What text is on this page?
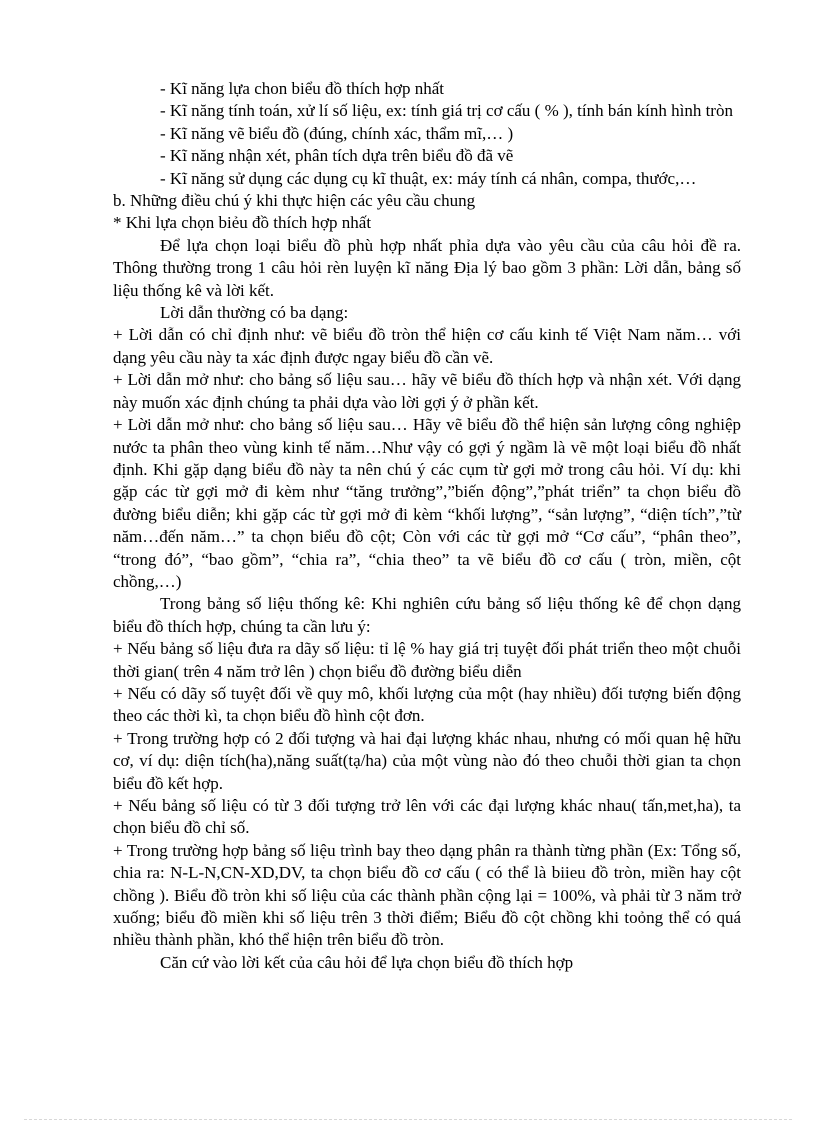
- Kĩ năng lựa chon biểu đồ thích hợp nhất

- Kĩ năng tính toán, xử lí số liệu, ex: tính giá trị cơ cấu ( % ), tính bán kính hình tròn

- Kĩ năng vẽ biểu đồ (đúng, chính xác, thẩm mĩ,… )

- Kĩ năng nhận xét, phân tích dựa trên biểu đồ đã vẽ

- Kĩ năng sử dụng các dụng cụ kĩ thuật, ex: máy tính cá nhân, compa, thước,…

b. Những điều chú ý khi thực hiện các yêu cầu chung

* Khi lựa chọn biẻu đồ thích hợp nhất

Để lựa chọn loại biểu đồ phù hợp nhất phỉa dựa vào yêu cầu của câu hỏi đề ra. Thông thường trong 1 câu hỏi rèn luyện kĩ năng Địa lý bao gồm 3 phần: Lời dẫn, bảng số liệu thống kê và lời kết.

Lời dẫn thường có ba dạng:

+ Lời dẫn có chỉ định như: vẽ biểu đồ tròn thể hiện cơ cấu kinh tế Việt Nam năm… với dạng yêu cầu này ta xác định được ngay biểu đồ cần vẽ.

+ Lời dẫn mở như: cho bảng số liệu sau… hãy vẽ biểu đồ thích hợp và nhận xét. Với dạng này muốn xác định chúng ta phải dựa vào lời gợi ý ở phần kết.

+ Lời dẫn mở như: cho bảng số liệu sau… Hãy vẽ biểu đồ thể hiện sản lượng công nghiệp nước ta phân theo vùng kinh tế năm…Như vậy có gợi ý ngầm là vẽ một loại biểu đồ nhất định. Khi gặp dạng biểu đồ này ta nên chú ý các cụm từ gợi mở trong câu hỏi. Ví dụ: khi gặp các từ gợi mở đi kèm như “tăng trưởng”,”biến động”,”phát triển” ta chọn biểu đồ đường biểu diễn; khi gặp các từ gợi mở đi kèm “khối lượng”, “sản lượng”, “diện tích”,”từ năm…đến năm…” ta chọn biểu đồ cột; Còn với các từ gợi mở “Cơ cấu”, “phân theo”, “trong đó”, “bao gồm”, “chia ra”, “chia theo” ta vẽ biểu đồ cơ cấu ( tròn, miền, cột chồng,…)

Trong bảng số liệu thống kê: Khi nghiên cứu bảng số liệu thống kê để chọn dạng biểu đồ thích hợp, chúng ta cần lưu ý:

+ Nếu bảng số liệu đưa ra dãy số liệu: tỉ lệ % hay giá trị tuyệt đối phát triển theo một chuỗi thời gian( trên 4 năm trở lên ) chọn biểu đồ đường biểu diễn

+ Nếu có dãy số tuyệt đối về quy mô, khối lượng của một (hay nhiều) đối tượng biến động theo các thời kì, ta chọn biểu đồ hình cột đơn.

+ Trong trường hợp có 2 đối tượng và hai đại lượng khác nhau, nhưng có mối quan hệ hữu cơ, ví dụ: diện tích(ha),năng suất(tạ/ha) của một vùng nào đó theo chuỗi thời gian ta chọn biểu đồ kết hợp.

+ Nếu bảng số liệu có từ 3 đối tượng trở lên với các đại lượng khác nhau( tấn,met,ha), ta chọn biểu đồ chỉ số.

+ Trong trường hợp bảng số liệu trình bay theo dạng phân ra thành từng phần (Ex: Tổng số, chia ra: N-L-N,CN-XD,DV, ta chọn biểu đồ cơ cấu ( có thể là biieu đồ tròn, miền hay cột chồng ). Biểu đồ tròn khi số liệu của các thành phần cộng lại = 100%, và phải từ 3 năm trở xuống; biểu đồ miền khi số liệu trên 3 thời điểm; Biểu đồ cột chồng khi toỏng thể có quá nhiều thành phần, khó thể hiện trên biểu đồ tròn.

Căn cứ vào lời kết của câu hỏi để lựa chọn biểu đồ thích hợp
